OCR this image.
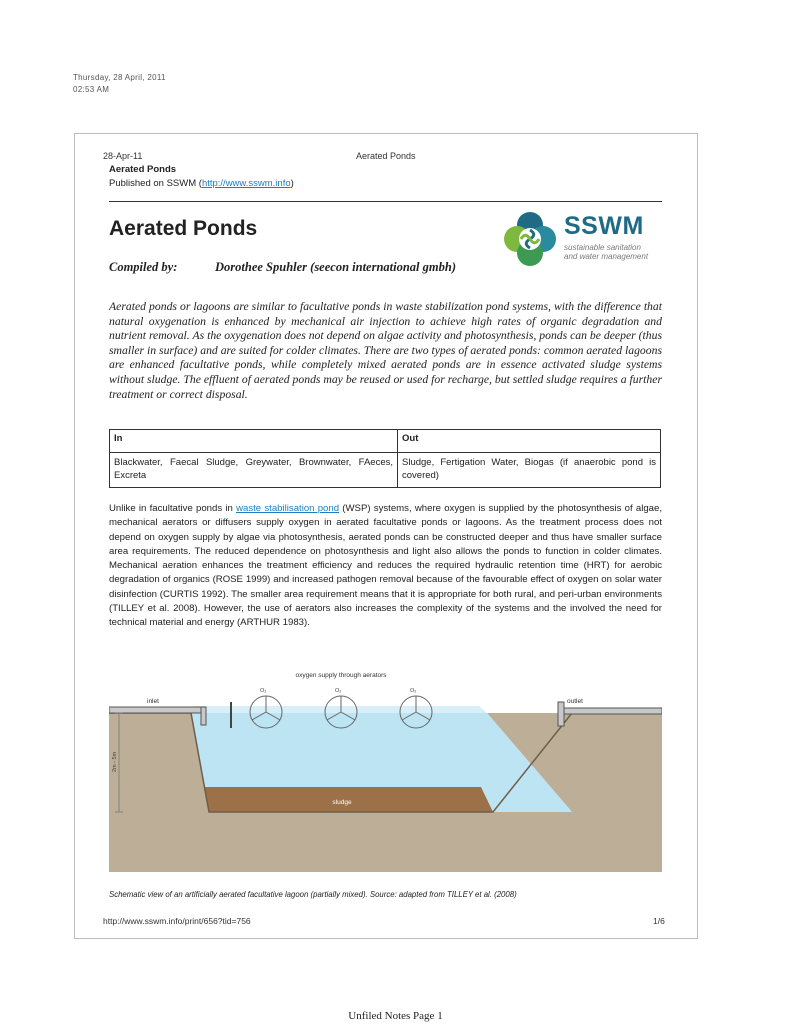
Thursday, 28 April, 2011
02:53 AM
28-Apr-11	Aerated Ponds
Aerated Ponds
Published on SSWM (http://www.sswm.info)
Aerated Ponds	SSWM
sustainable sanitation
and water management
Compiled by:	Dorothee Spuhler (seecon international gmbh)

Aerated ponds or lagoons are similar to facultative ponds in waste stabilization pond systems, with the difference that natural oxygenation is enhanced by mechanical air injection to achieve high rates of organic degradation and nutrient removal. As the oxygenation does not depend on algae activity and photosynthesis, ponds can be deeper (thus smaller in surface) and are suited for colder climates. There are two types of aerated ponds: common aerated lagoons are enhanced facultative ponds, while completely mixed aerated ponds are in essence activated sludge systems without sludge. The effluent of aerated ponds may be reused or used for recharge, but settled sludge requires a further treatment or correct disposal.

In	Out
Blackwater, Faecal Sludge, Greywater, Brownwater, FAeces, Excreta	Sludge, Fertigation Water, Biogas (if anaerobic pond is covered)

Unlike in facultative ponds in waste stabilisation pond (WSP) systems, where oxygen is supplied by the photosynthesis of algae, mechanical aerators or diffusers supply oxygen in aerated facultative ponds or lagoons. As the treatment process does not depend on oxygen supply by algae via photosynthesis, aerated ponds can be constructed deeper and thus have smaller surface area requirements. The reduced dependence on photosynthesis and light also allows the ponds to function in colder climates. Mechanical aeration enhances the treatment efficiency and reduces the required hydraulic retention time (HRT) for aerobic degradation of organics (ROSE 1999) and increased pathogen removal because of the favourable effect of oxygen on solar water disinfection (CURTIS 1992). The smaller area requirement means that it is appropriate for both rural, and peri-urban environments (TILLEY et al. 2008). However, the use of aerators also increases the complexity of the systems and the involved the need for technical material and energy (ARTHUR 1983).

oxygen supply through aerators
inlet	outlet
O₂	O₂	O₂
2m - 5m
sludge
Schematic view of an artificially aerated facultative lagoon (partially mixed). Source: adapted from TILLEY et al. (2008)
http://www.sswm.info/print/656?tid=756	1/6
Unfiled Notes Page 1
